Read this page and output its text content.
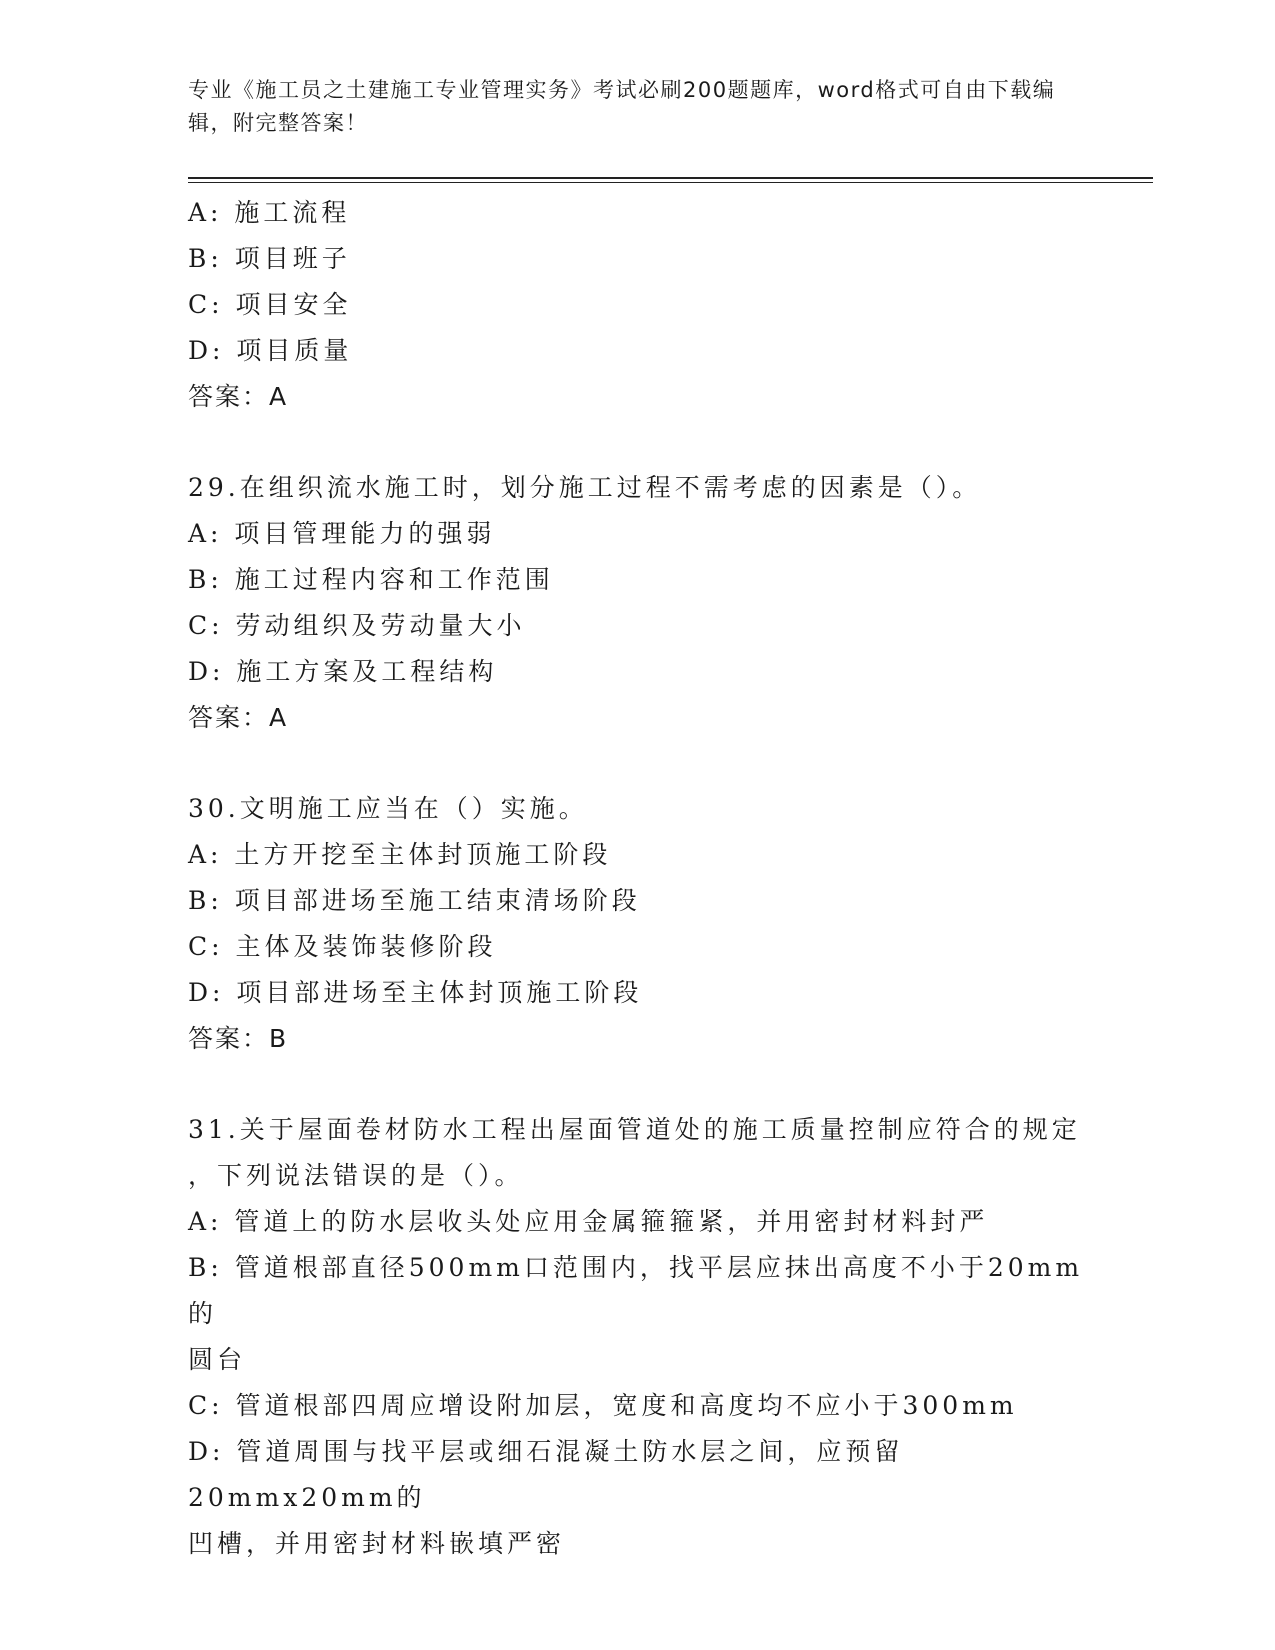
专业《施工员之土建施工专业管理实务》考试必刷200题题库，word格式可自由下载编辑，附完整答案！
A: 施工流程
B: 项目班子
C: 项目安全
D: 项目质量
答案：A
29.在组织流水施工时，划分施工过程不需考虑的因素是（）。
A: 项目管理能力的强弱
B: 施工过程内容和工作范围
C: 劳动组织及劳动量大小
D: 施工方案及工程结构
答案：A
30.文明施工应当在（）实施。
A: 土方开挖至主体封顶施工阶段
B: 项目部进场至施工结束清场阶段
C: 主体及装饰装修阶段
D: 项目部进场至主体封顶施工阶段
答案：B
31.关于屋面卷材防水工程出屋面管道处的施工质量控制应符合的规定
，下列说法错误的是（）。
A: 管道上的防水层收头处应用金属箍箍紧，并用密封材料封严
B: 管道根部直径500mm口范围内，找平层应抹出高度不小于20mm的
圆台
C: 管道根部四周应增设附加层，宽度和高度均不应小于300mm
D: 管道周围与找平层或细石混凝土防水层之间，应预留20mmx20mm的
凹槽，并用密封材料嵌填严密
